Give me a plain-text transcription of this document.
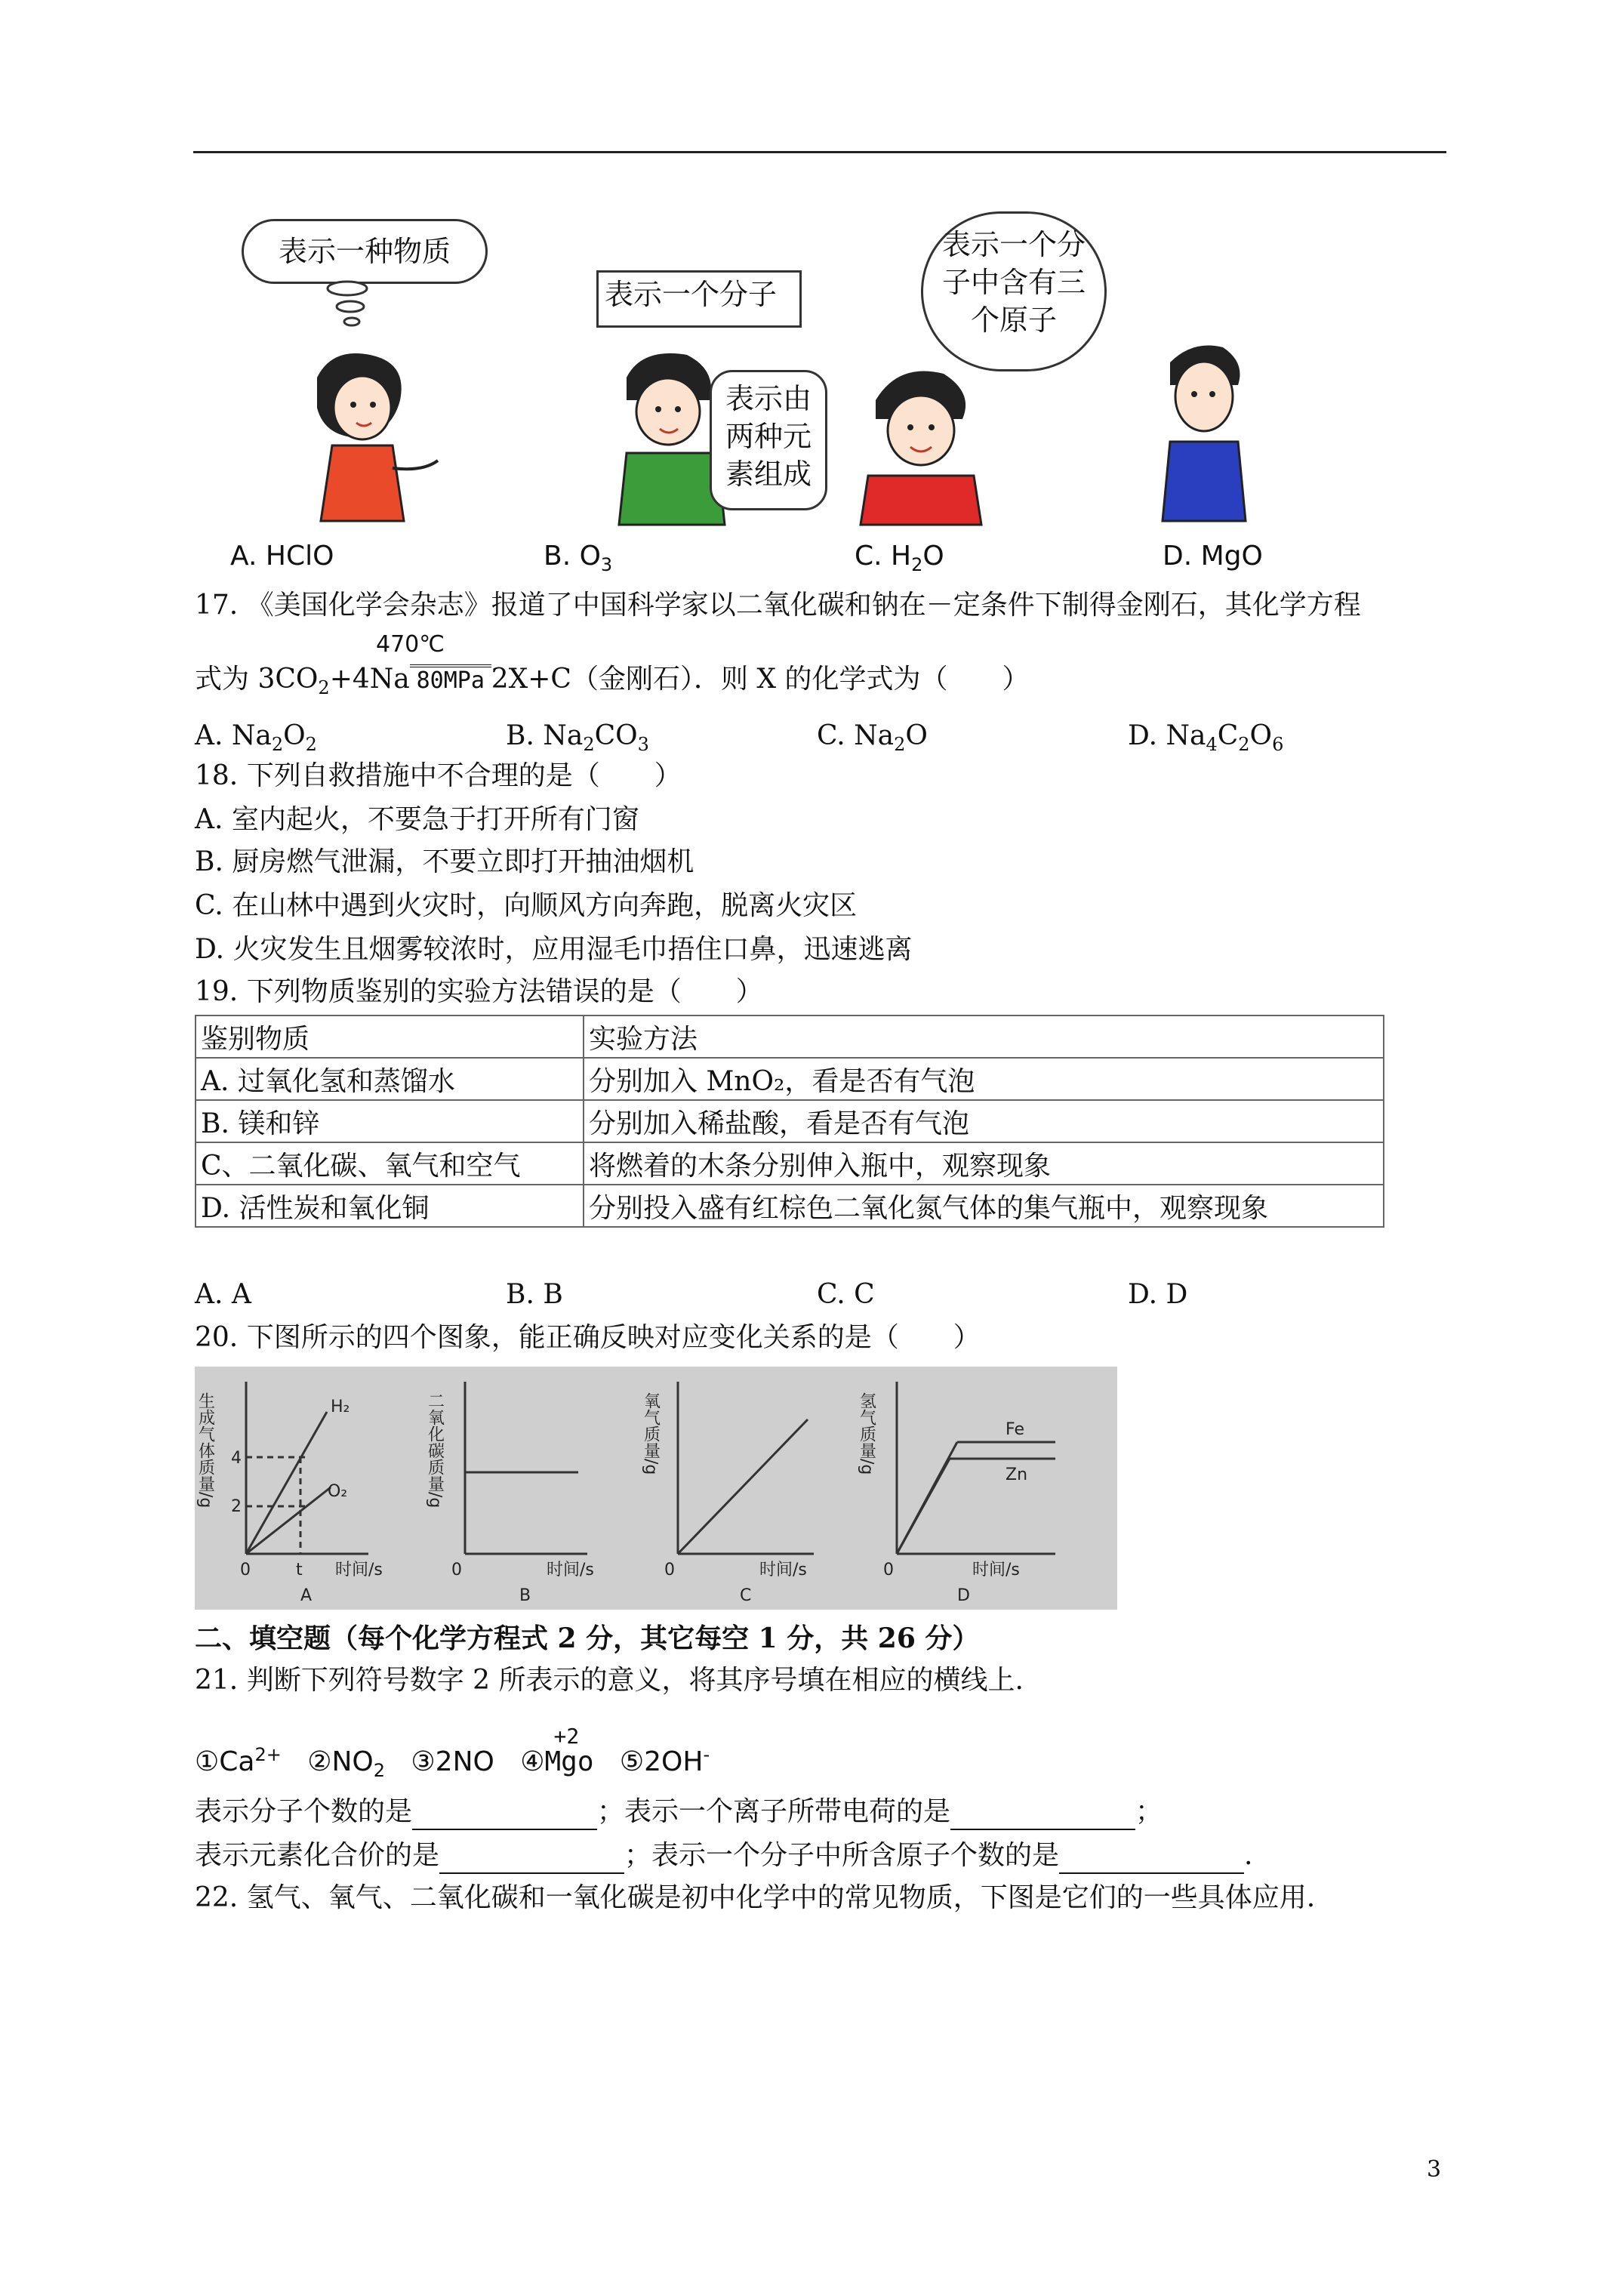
表示一种物质
表示一个分子
表示由
两种元
素组成
表示一个分
子中含有三
个原子
A. HClO	B. $O_3$	C. $H_2O$	D. MgO
17. 《美国化学会杂志》报道了中国科学家以二氧化碳和钠在－定条件下制得金刚石，其化学方程
470℃
式为 $3CO_2+4Na$ 80MPa 2X+C（金刚石）．则 X 的化学式为（　　）
A. $Na_2O_2$	B. $Na_2CO_3$	C. $Na_2O$	D. $Na_4C_2O_6$
18. 下列自救措施中不合理的是（　　）
A. 室内起火，不要急于打开所有门窗
B. 厨房燃气泄漏，不要立即打开抽油烟机
C. 在山林中遇到火灾时，向顺风方向奔跑，脱离火灾区
D. 火灾发生且烟雾较浓时，应用湿毛巾捂住口鼻，迅速逃离
19. 下列物质鉴别的实验方法错误的是（　　）
鉴别物质	实验方法
A. 过氧化氢和蒸馏水	分别加入 MnO₂，看是否有气泡
B. 镁和锌	分别加入稀盐酸，看是否有气泡
C、二氧化碳、氧气和空气	将燃着的木条分别伸入瓶中，观察现象
D. 活性炭和氧化铜	分别投入盛有红棕色二氧化氮气体的集气瓶中，观察现象
A. A	B. B	C. C	D. D
20. 下图所示的四个图象，能正确反映对应变化关系的是（　　）
生成气体质量/g	H₂
O₂
4
2
t
0	时间/s
A
二氧化碳质量/g
0	时间/s
B
氧气质量/g
0	时间/s
C
氢气质量/g	Fe
Zn
0	时间/s
D
二、填空题（每个化学方程式 2 分，其它每空 1 分，共 26 分）
21. 判断下列符号数字 2 所表示的意义，将其序号填在相应的横线上.
$①Ca^{2+}$ $②NO_2$ ③2NO ④
+2
Mgo ⑤2OH-
表示分子个数的是	；表示一个离子所带电荷的是	；
表示元素化合价的是	；表示一个分子中所含原子个数的是	.
22. 氢气、氧气、二氧化碳和一氧化碳是初中化学中的常见物质，下图是它们的一些具体应用.
3
